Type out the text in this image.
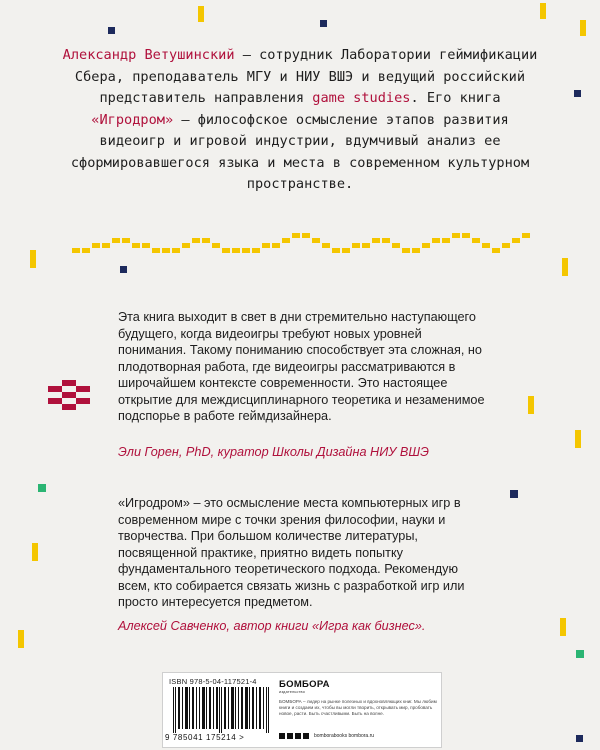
Александр Ветушинский – сотрудник Лаборатории геймификации Сбера, преподаватель МГУ и НИУ ВШЭ и ведущий российский представитель направления game studies. Его книга «Игродром» – философское осмысление этапов развития видеоигр и игровой индустрии, вдумчивый анализ ее сформировавшегося языка и места в современном культурном пространстве.

Эта книга выходит в свет в дни стремительно наступающего будущего, когда видеоигры требуют новых уровней понимания. Такому пониманию способствует эта сложная, но плодотворная работа, где видеоигры рассматриваются в широчайшем контексте современности. Это настоящее открытие для междисциплинарного теоретика и незаменимое подспорье в работе геймдизайнера.

Эли Горен, PhD, куратор Школы Дизайна НИУ ВШЭ

«Игродром» – это осмысление места компьютерных игр в современном мире с точки зрения философии, науки и творчества. При большом количестве литературы, посвященной практике, приятно видеть попытку фундаментального теоретического подхода. Рекомендую всем, кто собирается связать жизнь с разработкой игр или просто интересуется предметом.

Алексей Савченко, автор книги «Игра как бизнес».

ISBN 978-5-04-117521-4
9 785041 175214 >
БОМБОРА
издательство

БОМБОРА – лидер на рынке полезных и вдохновляющих книг. Мы любим книги и создаем их, чтобы вы могли творить, открывать мир, пробовать новое, расти. Быть счастливыми. Быть на волне.

bomborabooks bombora.ru
